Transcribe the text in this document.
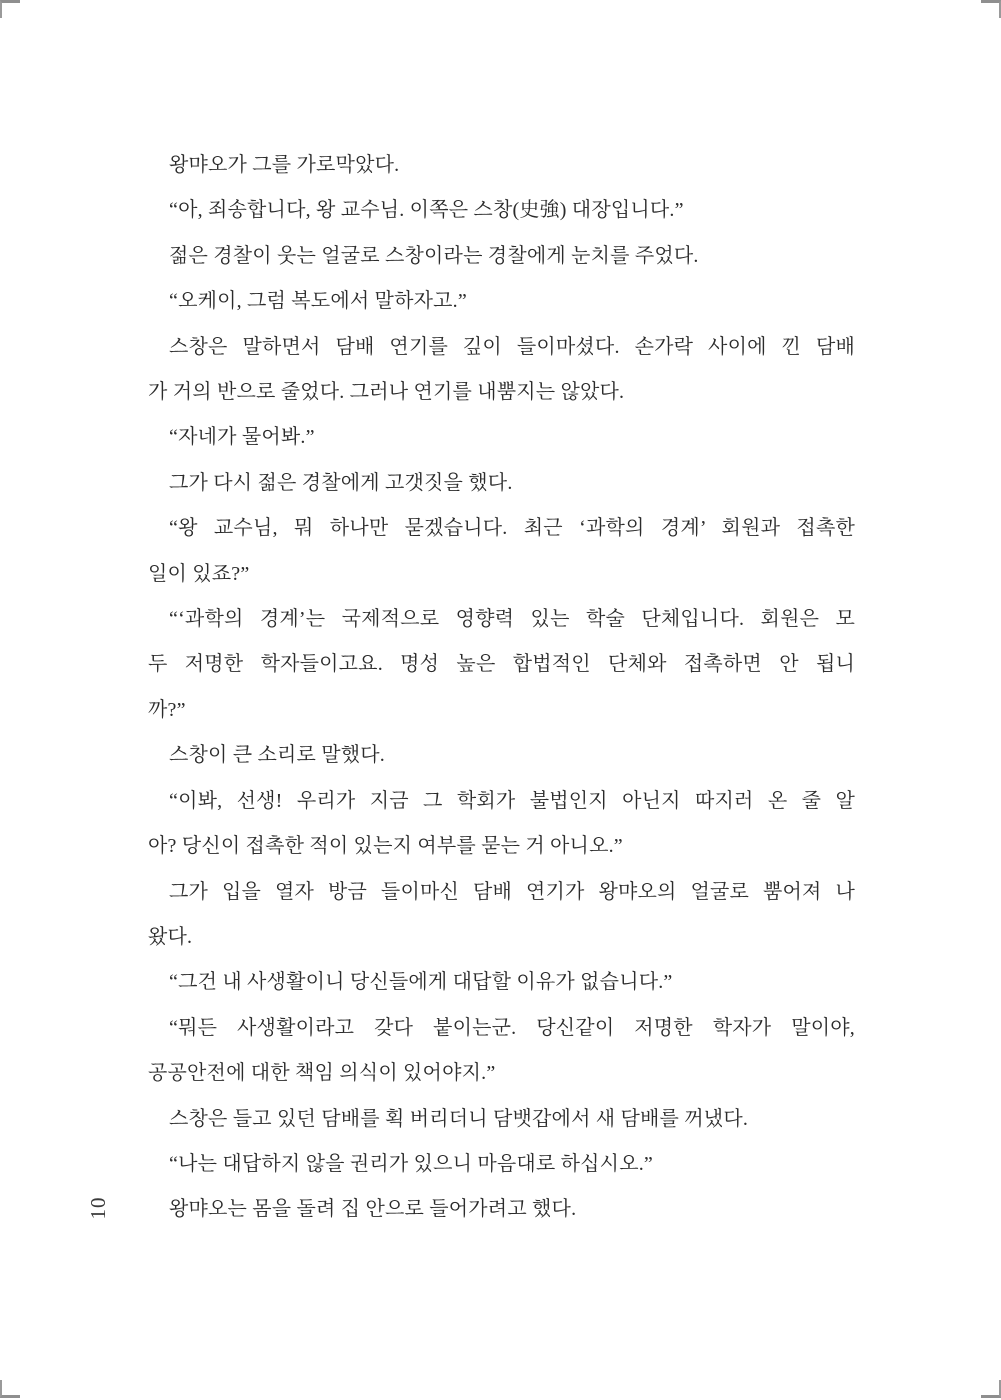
10
왕먀오가 그를 가로막았다.
“아, 죄송합니다, 왕 교수님. 이쪽은 스창(史強) 대장입니다.”
젊은 경찰이 웃는 얼굴로 스창이라는 경찰에게 눈치를 주었다.
“오케이, 그럼 복도에서 말하자고.”
스창은 말하면서 담배 연기를 깊이 들이마셨다. 손가락 사이에 낀 담배
가 거의 반으로 줄었다. 그러나 연기를 내뿜지는 않았다.
“자네가 물어봐.”
그가 다시 젊은 경찰에게 고갯짓을 했다.
“왕 교수님, 뭐 하나만 묻겠습니다. 최근 ‘과학의 경계’ 회원과 접촉한
일이 있죠?”
“‘과학의 경계’는 국제적으로 영향력 있는 학술 단체입니다. 회원은 모
두 저명한 학자들이고요. 명성 높은 합법적인 단체와 접촉하면 안 됩니
까?”
스창이 큰 소리로 말했다.
“이봐, 선생! 우리가 지금 그 학회가 불법인지 아닌지 따지러 온 줄 알
아? 당신이 접촉한 적이 있는지 여부를 묻는 거 아니오.”
그가 입을 열자 방금 들이마신 담배 연기가 왕먀오의 얼굴로 뿜어져 나
왔다.
“그건 내 사생활이니 당신들에게 대답할 이유가 없습니다.”
“뭐든 사생활이라고 갖다 붙이는군. 당신같이 저명한 학자가 말이야,
공공안전에 대한 책임 의식이 있어야지.”
스창은 들고 있던 담배를 획 버리더니 담뱃갑에서 새 담배를 꺼냈다.
“나는 대답하지 않을 권리가 있으니 마음대로 하십시오.”
왕먀오는 몸을 돌려 집 안으로 들어가려고 했다.
